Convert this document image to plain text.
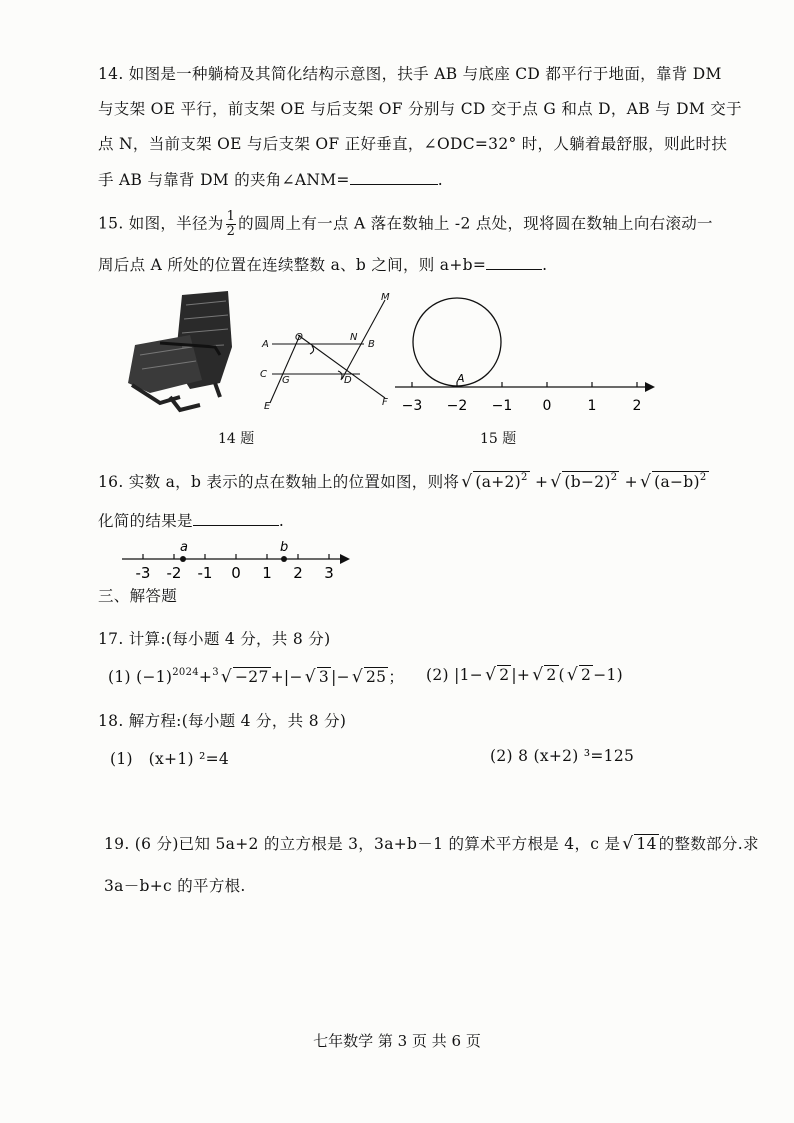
14. 如图是一种躺椅及其简化结构示意图，扶手 AB 与底座 CD 都平行于地面，靠背 DM
与支架 OE 平行，前支架 OE 与后支架 OF 分别与 CD 交于点 G 和点 D，AB 与 DM 交于
点 N，当前支架 OE 与后支架 OF 正好垂直，∠ODC=32° 时，人躺着最舒服，则此时扶
手 AB 与靠背 DM 的夹角∠ANM=	.
15. 如图，半径为 $\frac{1}{2}$ 的圆周上有一点 A 落在数轴上 -2 点处，现将圆在数轴上向右滚动一
周后点 A 所处的位置在连续整数 a、b 之间，则 a+b=	.
A
O	N
B
M
C
G	D
E	F
14 题
−3 −2 −1 0	1	2
A
15 题
16. 实数 a，b 表示的点在数轴上的位置如图，则将 √ $(a+2)^2$ + √ $(b-2)^2$ + √ $(a-b)^2$
化简的结果是	.
-3 -2 -1 0 1 2 3
a	b
三、解答题
17. 计算:(每小题 4 分，共 8 分)
(1) $(-1)^{2024}+^3$ √ −27 +|− √ 3 |− √ 25 ； (2) |1− √ 2 |+ √ 2 ( √ 2 −1)
18. 解方程:(每小题 4 分，共 8 分)
(1)　(x+1) ²=4	(2) 8 (x+2) ³=125
19. (6 分)已知 5a+2 的立方根是 3，3a+b－1 的算术平方根是 4，c 是 √ 14 的整数部分.求
3a－b+c 的平方根.
七年数学 第 3 页 共 6 页
